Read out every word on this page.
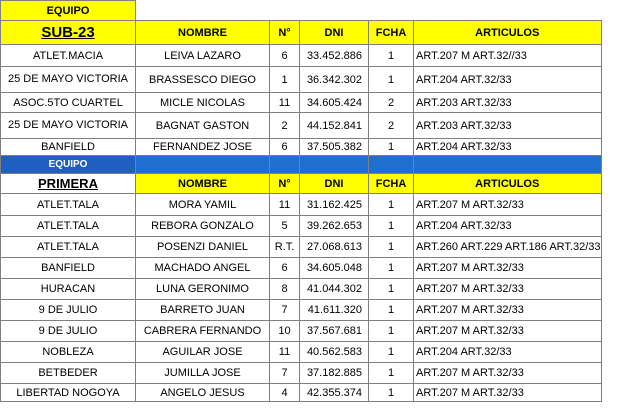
EQUIPO					
SUB-23	NOMBRE	N°	DNI	FCHA	ARTICULOS
ATLET.MACIA	LEIVA LAZARO	6	33.452.886	1	ART.207 M ART.32//33
25 DE MAYO VICTORIA	BRASSESCO DIEGO	1	36.342.302	1	ART.204 ART.32/33
ASOC.5TO CUARTEL	MICLE NICOLAS	11	34.605.424	2	ART.203 ART.32/33
25 DE MAYO VICTORIA	BAGNAT GASTON	2	44.152.841	2	ART.203 ART.32/33
BANFIELD	FERNANDEZ JOSE	6	37.505.382	1	ART.204 ART.32/33
EQUIPO					
PRIMERA	NOMBRE	N°	DNI	FCHA	ARTICULOS
ATLET.TALA	MORA YAMIL	11	31.162.425	1	ART.207 M ART.32/33
ATLET.TALA	REBORA GONZALO	5	39.262.653	1	ART.204 ART.32/33
ATLET.TALA	POSENZI DANIEL	R.T.	27.068.613	1	ART.260 ART.229 ART.186 ART.32/33
BANFIELD	MACHADO ANGEL	6	34.605.048	1	ART.207 M ART.32/33
HURACAN	LUNA GERONIMO	8	41.044.302	1	ART.207 M ART.32/33
9 DE JULIO	BARRETO JUAN	7	41.611.320	1	ART.207 M ART.32/33
9 DE JULIO	CABRERA FERNANDO	10	37.567.681	1	ART.207 M ART.32/33
NOBLEZA	AGUILAR JOSE	11	40.562.583	1	ART.204 ART.32/33
BETBEDER	JUMILLA JOSE	7	37.182.885	1	ART.207 M ART.32/33
LIBERTAD NOGOYA	ANGELO JESUS	4	42.355.374	1	ART.207 M ART.32/33
